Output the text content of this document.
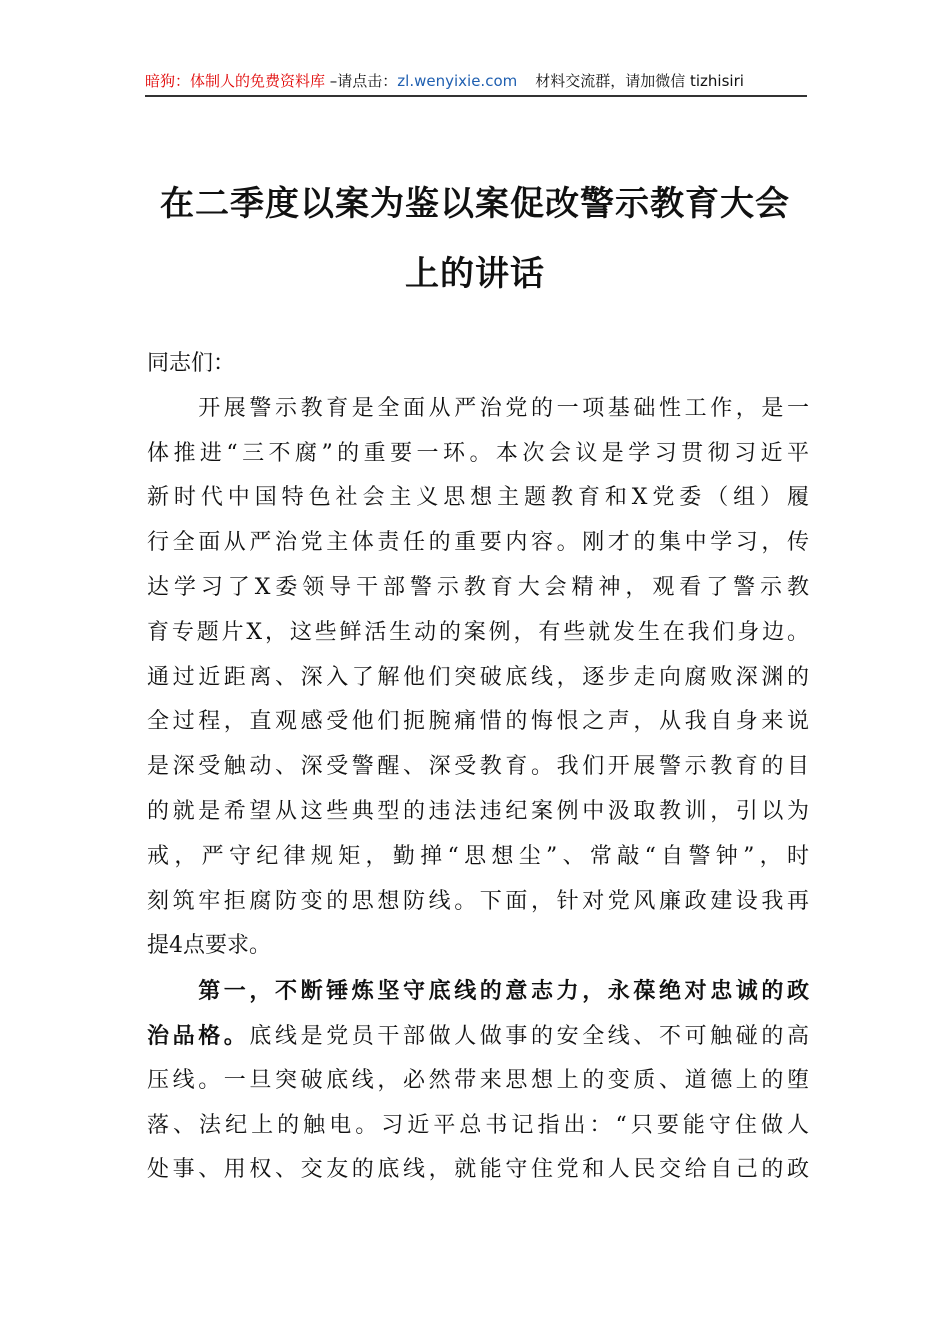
暗狗：体制人的免费资料库 –请点击：zl.wenyixie.com 材料交流群，请加微信 tizhisiri
在二季度以案为鉴以案促改警示教育大会
上的讲话
同志们：
　　开展警示教育是全面从严治党的一项基础性工作，是一
体推进“三不腐”的重要一环。本次会议是学习贯彻习近平
新时代中国特色社会主义思想主题教育和X党委（组）履
行全面从严治党主体责任的重要内容。刚才的集中学习，传
达学习了X委领导干部警示教育大会精神，观看了警示教
育专题片X，这些鲜活生动的案例，有些就发生在我们身边。
通过近距离、深入了解他们突破底线，逐步走向腐败深渊的
全过程，直观感受他们扼腕痛惜的悔恨之声，从我自身来说
是深受触动、深受警醒、深受教育。我们开展警示教育的目
的就是希望从这些典型的违法违纪案例中汲取教训，引以为
戒，严守纪律规矩，勤掸“思想尘”、常敲“自警钟”，时
刻筑牢拒腐防变的思想防线。下面，针对党风廉政建设我再
提4点要求。
　　第一，不断锤炼坚守底线的意志力，永葆绝对忠诚的政
治品格。底线是党员干部做人做事的安全线、不可触碰的高
压线。一旦突破底线，必然带来思想上的变质、道德上的堕
落、法纪上的触电。习近平总书记指出：“只要能守住做人
处事、用权、交友的底线，就能守住党和人民交给自己的政
